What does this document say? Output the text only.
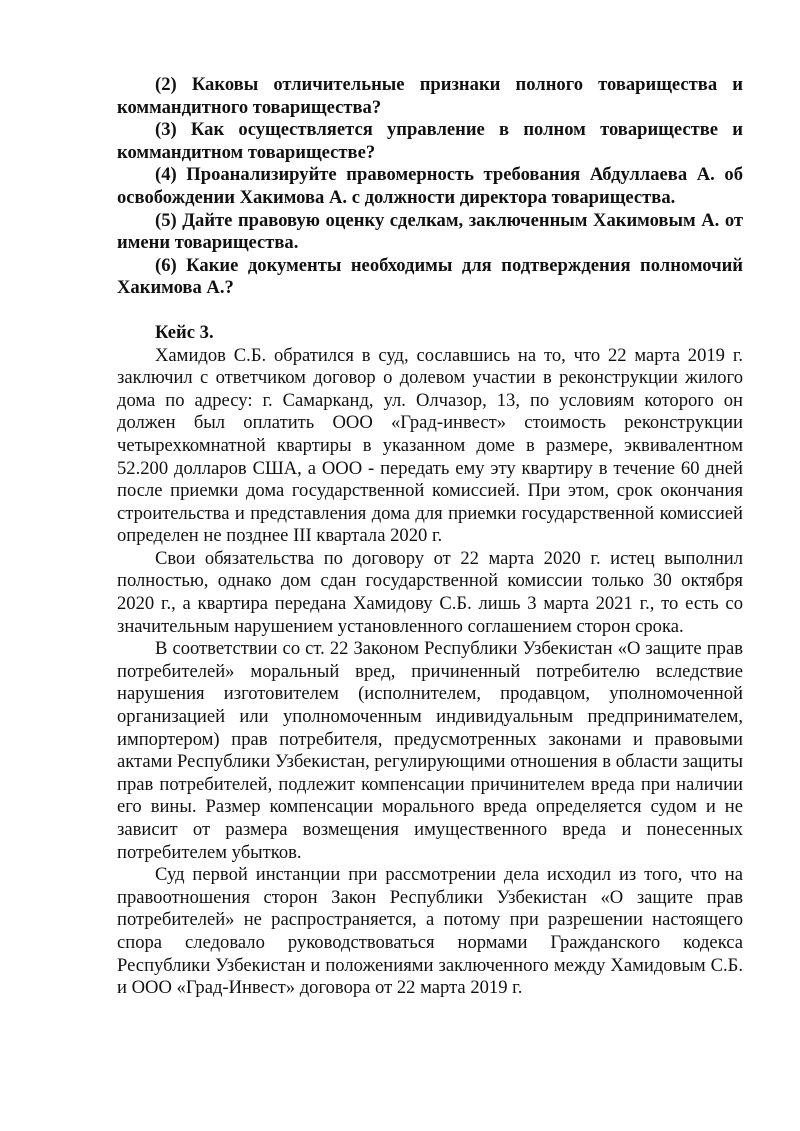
(2) Каковы отличительные признаки полного товарищества и коммандитного товарищества?

(3) Как осуществляется управление в полном товариществе и коммандитном товариществе?

(4) Проанализируйте правомерность требования Абдуллаева А. об освобождении Хакимова А. с должности директора товарищества.

(5) Дайте правовую оценку сделкам, заключенным Хакимовым А. от имени товарищества.

(6) Какие документы необходимы для подтверждения полномочий Хакимова А.?

Кейс 3.

Хамидов С.Б. обратился в суд, сославшись на то, что 22 марта 2019 г. заключил с ответчиком договор о долевом участии в реконструкции жилого дома по адресу: г. Самарканд, ул. Олчазор, 13, по условиям которого он должен был оплатить ООО «Град-инвест» стоимость реконструкции четырехкомнатной квартиры в указанном доме в размере, эквивалентном 52.200 долларов США, а ООО - передать ему эту квартиру в течение 60 дней после приемки дома государственной комиссией. При этом, срок окончания строительства и представления дома для приемки государственной комиссией определен не позднее III квартала 2020 г.

Свои обязательства по договору от 22 марта 2020 г. истец выполнил полностью, однако дом сдан государственной комиссии только 30 октября 2020 г., а квартира передана Хамидову С.Б. лишь 3 марта 2021 г., то есть со значительным нарушением установленного соглашением сторон срока.

В соответствии со ст. 22 Законом Республики Узбекистан «О защите прав потребителей» моральный вред, причиненный потребителю вследствие нарушения изготовителем (исполнителем, продавцом, уполномоченной организацией или уполномоченным индивидуальным предпринимателем, импортером) прав потребителя, предусмотренных законами и правовыми актами Республики Узбекистан, регулирующими отношения в области защиты прав потребителей, подлежит компенсации причинителем вреда при наличии его вины. Размер компенсации морального вреда определяется судом и не зависит от размера возмещения имущественного вреда и понесенных потребителем убытков.

Суд первой инстанции при рассмотрении дела исходил из того, что на правоотношения сторон Закон Республики Узбекистан «О защите прав потребителей» не распространяется, а потому при разрешении настоящего спора следовало руководствоваться нормами Гражданского кодекса Республики Узбекистан и положениями заключенного между Хамидовым С.Б. и ООО «Град-Инвест» договора от 22 марта 2019 г.
